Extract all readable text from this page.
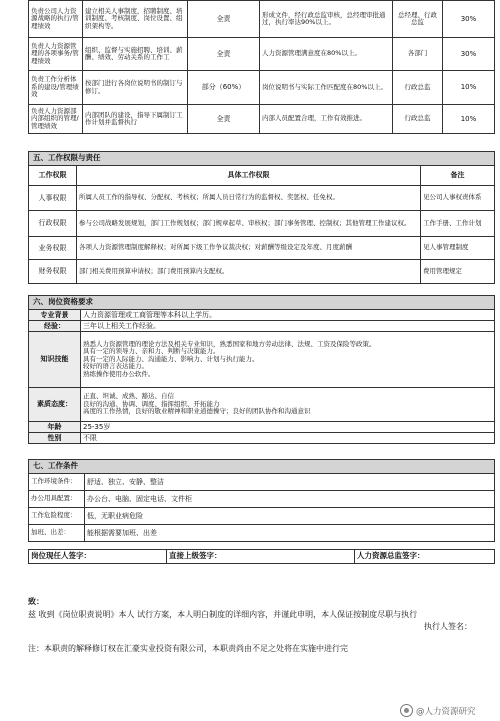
负责公司人力资源战略的执行/管理绩效	建立相关人事制度，招聘制度、培训制度、考核制度、岗位设置、组织架构等。	全责	形成文件，经行政总监审核，总经理审批通过，执行率达90%以上。	总经理、行政总监	30%
负责人力资源管理的各项事务/管理绩效	组织、监督与实施招聘、培训、薪酬、绩效、劳动关系的工作工	全责	人力资源管理满意度在80%以上。	各部门	30%
负责工作分析体系的建设/管理绩效	按部门进行各岗位说明书的制订与修订。	部分（60%）	岗位说明书与实际工作匹配度在80%以上。	行政总监	10%
负责人力资源部内部组织的管理/管理绩效	内部团队的建设，指导下属制订工作计划并监督执行	全责	内部人员配置合理，工作有效推进。	行政总监	10%
五、工作权限与责任		
工作权限	具体工作权限	备注
人事权限	所属人员工作的指导权、分配权、考核权；所属人员日常行为的监督权、奖惩权、任免权。	见公司人事权责体系
行政权限	参与公司战略发展规划，部门工作规划权；部门规章起草、审核权；部门事务管理、控制权；其他管理工作建议权。	工作手册、工作计划
业务权限	各项人力资源管理制度解释权；对所属下级工作争议裁决权；对薪酬等级设定及年度、月度薪酬	见人事管理制度
财务权限	部门相关费用预算申请权；部门费用预算内支配权。	费用管理规定
六、岗位资格要求	
专业背景	人力资源管理或工商管理等本科以上学历。
经验：	三年以上相关工作经验。
知识技能	熟悉人力资源管理的理论方法及相关专业知识，熟悉国家和地方劳动法律、法规、工资及保险等政策。
具有一定的领导力、亲和力、判断与决策能力。
具有一定的人际能力、沟通能力、影响力、计划与执行能力。
较好的语言表达能力。
熟练操作使用办公软件。

素质态度：	正直、坦诚、成熟、豁达、自信
良好的沟通、协调、调度、指挥组织、开拓能力
高度的工作热情，良好的敬业精神和职业道德操守；良好的团队协作和沟通意识

年龄	25-35岁
性别	不限
七、工作条件	
工作环境条件：	舒适、独立、安静、整洁
办公用具配置：	办公台、电脑、固定电话、文件柜
工作危险程度：	低，无职业病危险
加班、出差：	能根据需要加班、出差
岗位现任人签字：	直接上级签字：	人力资源总监签字：
致：
兹 收到《岗位职责说明》本人 试行方案，本人明白制度的详细内容，并谨此申明，本人保证按制度尽职与执行
执行人签名：
注：本职责的解释修订权在汇豪实业投资有限公司，本职责尚由不足之处将在实施中进行完
@人力资源研究
